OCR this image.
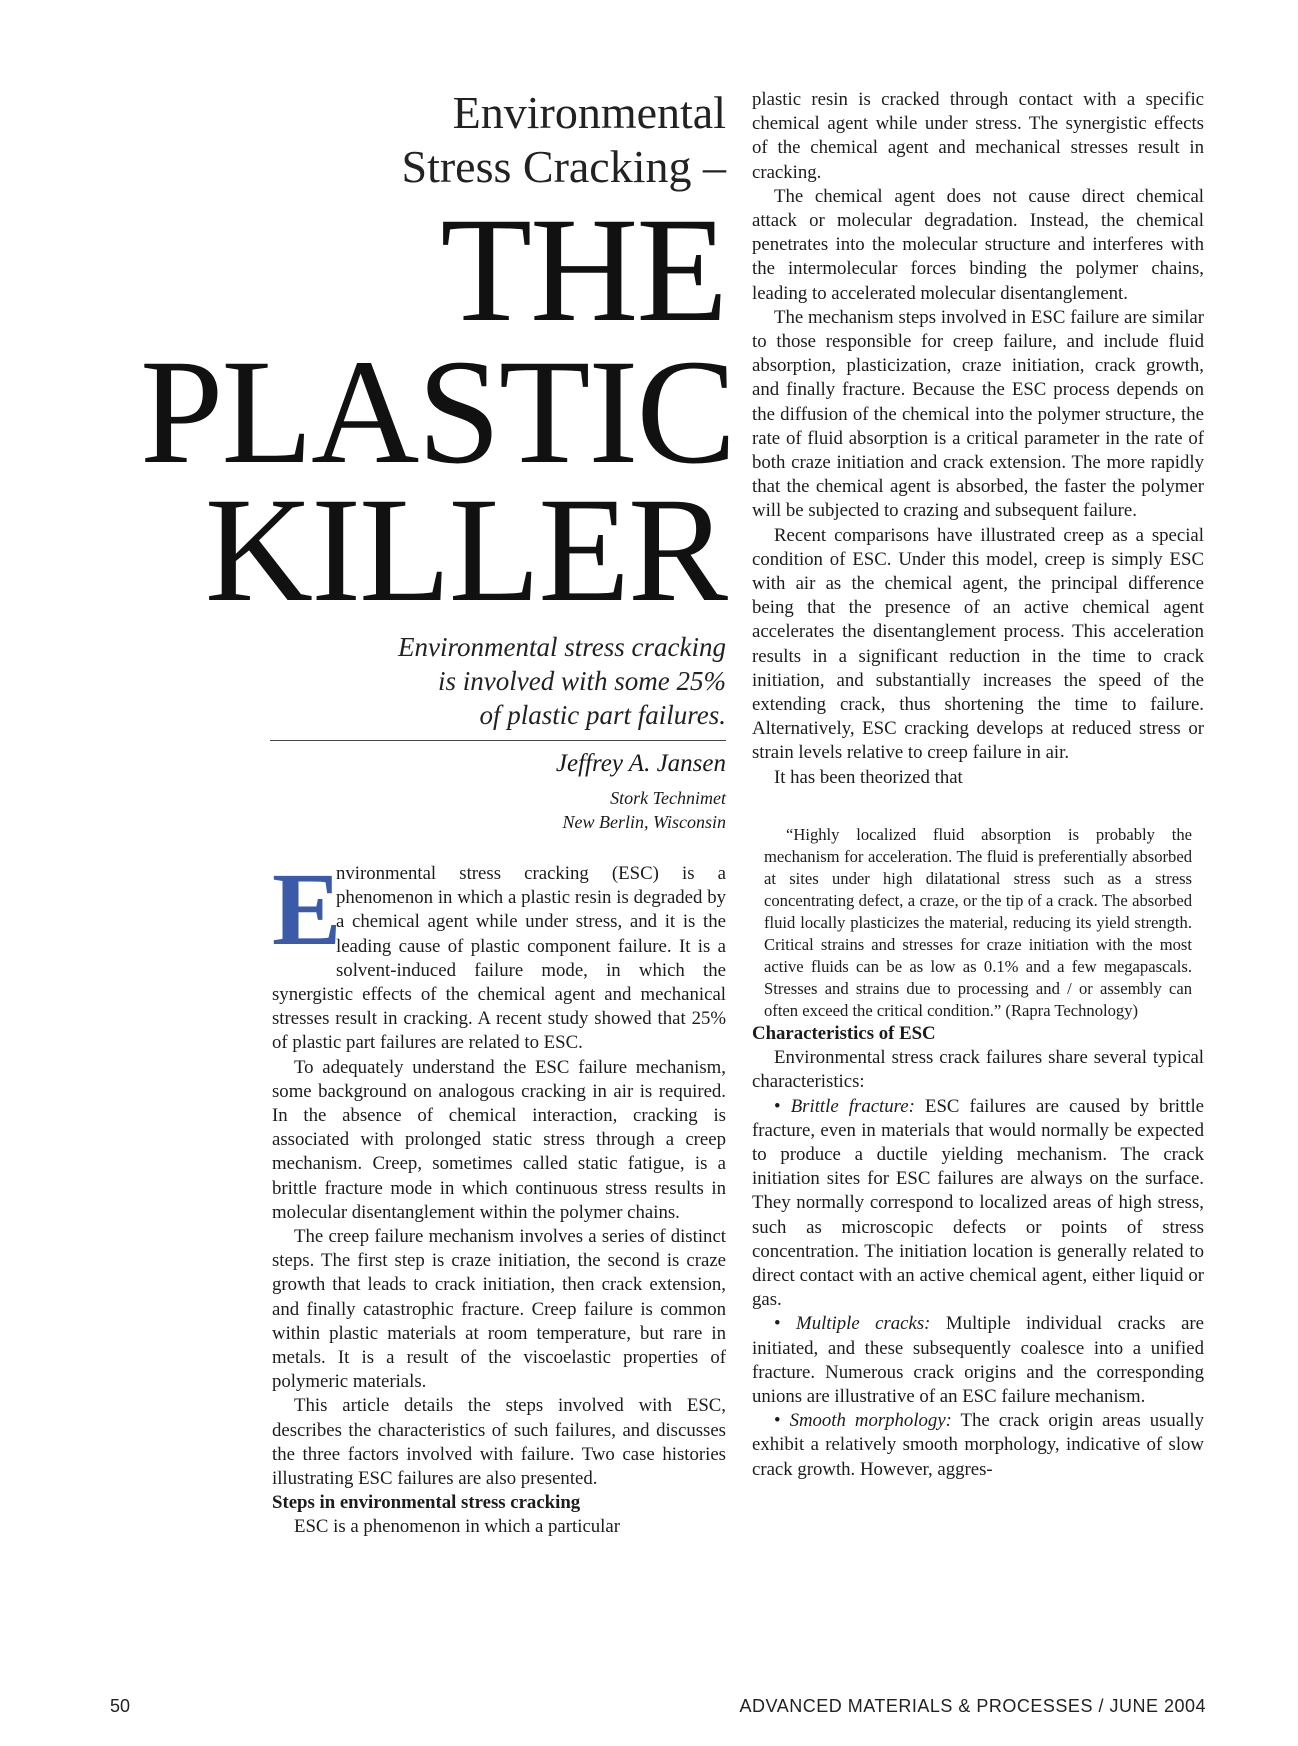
Environmental
Stress Cracking –
THE
PLASTIC
KILLER
Environmental stress cracking
is involved with some 25%
of plastic part failures.
Jeffrey A. Jansen
Stork Technimet
New Berlin, Wisconsin

E
nvironmental stress cracking (ESC) is a phenomenon in which a plastic resin is degraded by a chemical agent while under stress, and it is the leading cause of plastic component failure. It is a solvent-induced failure mode, in which the synergistic effects of the chemical agent and mechanical stresses result in cracking. A recent study showed that 25% of plastic part failures are related to ESC.

To adequately understand the ESC failure mechanism, some background on analogous cracking in air is required. In the absence of chemical interaction, cracking is associated with prolonged static stress through a creep mechanism. Creep, sometimes called static fatigue, is a brittle fracture mode in which continuous stress results in molecular disentanglement within the polymer chains.

The creep failure mechanism involves a series of distinct steps. The first step is craze initiation, the second is craze growth that leads to crack initiation, then crack extension, and finally catastrophic fracture. Creep failure is common within plastic materials at room temperature, but rare in metals. It is a result of the viscoelastic properties of polymeric materials.

This article details the steps involved with ESC, describes the characteristics of such failures, and discusses the three factors involved with failure. Two case histories illustrating ESC failures are also presented.

Steps in environmental stress cracking

ESC is a phenomenon in which a particular

plastic resin is cracked through contact with a specific chemical agent while under stress. The synergistic effects of the chemical agent and mechanical stresses result in cracking.

The chemical agent does not cause direct chemical attack or molecular degradation. Instead, the chemical penetrates into the molecular structure and interferes with the intermolecular forces binding the polymer chains, leading to accelerated molecular disentanglement.

The mechanism steps involved in ESC failure are similar to those responsible for creep failure, and include fluid absorption, plasticization, craze initiation, crack growth, and finally fracture. Because the ESC process depends on the diffusion of the chemical into the polymer structure, the rate of fluid absorption is a critical parameter in the rate of both craze initiation and crack extension. The more rapidly that the chemical agent is absorbed, the faster the polymer will be subjected to crazing and subsequent failure.

Recent comparisons have illustrated creep as a special condition of ESC. Under this model, creep is simply ESC with air as the chemical agent, the principal difference being that the presence of an active chemical agent accelerates the disentanglement process. This acceleration results in a significant reduction in the time to crack initiation, and substantially increases the speed of the extending crack, thus shortening the time to failure. Alternatively, ESC cracking develops at reduced stress or strain levels relative to creep failure in air.

It has been theorized that

“Highly localized fluid absorption is probably the mechanism for acceleration. The fluid is preferentially absorbed at sites under high dilatational stress such as a stress concentrating defect, a craze, or the tip of a crack. The absorbed fluid locally plasticizes the material, reducing its yield strength. Critical strains and stresses for craze initiation with the most active fluids can be as low as 0.1% and a few megapascals. Stresses and strains due to processing and / or assembly can often exceed the critical condition.” (Rapra Technology)

Characteristics of ESC

Environmental stress crack failures share several typical characteristics:

• Brittle fracture: ESC failures are caused by brittle fracture, even in materials that would normally be expected to produce a ductile yielding mechanism. The crack initiation sites for ESC failures are always on the surface. They normally correspond to localized areas of high stress, such as microscopic defects or points of stress concentration. The initiation location is generally related to direct contact with an active chemical agent, either liquid or gas.

• Multiple cracks: Multiple individual cracks are initiated, and these subsequently coalesce into a unified fracture. Numerous crack origins and the corresponding unions are illustrative of an ESC failure mechanism.

• Smooth morphology: The crack origin areas usually exhibit a relatively smooth morphology, indicative of slow crack growth. However, aggres-

50	ADVANCED MATERIALS & PROCESSES / JUNE 2004
